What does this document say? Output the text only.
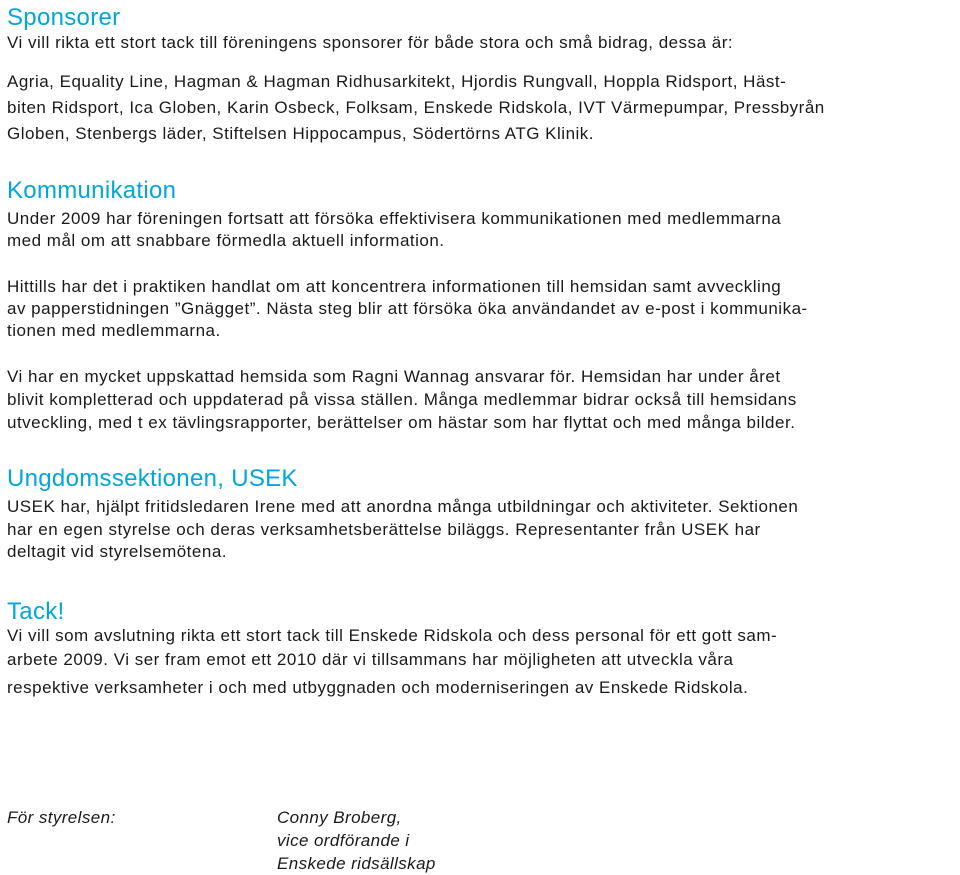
Sponsorer

Vi vill rikta ett stort tack till föreningens sponsorer för både stora och små bidrag, dessa är:

Agria, Equality Line, Hagman & Hagman Ridhusarkitekt, Hjordis Rungvall, Hoppla Ridsport, Häst-

biten Ridsport, Ica Globen, Karin Osbeck, Folksam, Enskede Ridskola, IVT Värmepumpar, Pressbyrån

Globen, Stenbergs läder, Stiftelsen Hippocampus, Södertörns ATG Klinik.

Kommunikation

Under 2009 har föreningen fortsatt att försöka effektivisera kommunikationen med medlemmarna

med mål om att snabbare förmedla aktuell information.

Hittills har det i praktiken handlat om att koncentrera informationen till hemsidan samt avveckling

av papperstidningen ”Gnägget”. Nästa steg blir att försöka öka användandet av e-post i kommunika-

tionen med medlemmarna.

Vi har en mycket uppskattad hemsida som Ragni Wannag ansvarar för. Hemsidan har under året

blivit kompletterad och uppdaterad på vissa ställen. Många medlemmar bidrar också till hemsidans

utveckling, med t ex tävlingsrapporter, berättelser om hästar som har flyttat och med många bilder.

Ungdomssektionen, USEK

USEK har, hjälpt fritidsledaren Irene med att anordna många utbildningar och aktiviteter. Sektionen

har en egen styrelse och deras verksamhetsberättelse biläggs. Representanter från USEK har

deltagit vid styrelsemötena.

Tack!

Vi vill som avslutning rikta ett stort tack till Enskede Ridskola och dess personal för ett gott sam-

arbete 2009. Vi ser fram emot ett 2010 där vi tillsammans har möjligheten att utveckla våra

respektive verksamheter i och med utbyggnaden och moderniseringen av Enskede Ridskola.

För styrelsen:	Conny Broberg,

vice ordförande i

Enskede ridsällskap
